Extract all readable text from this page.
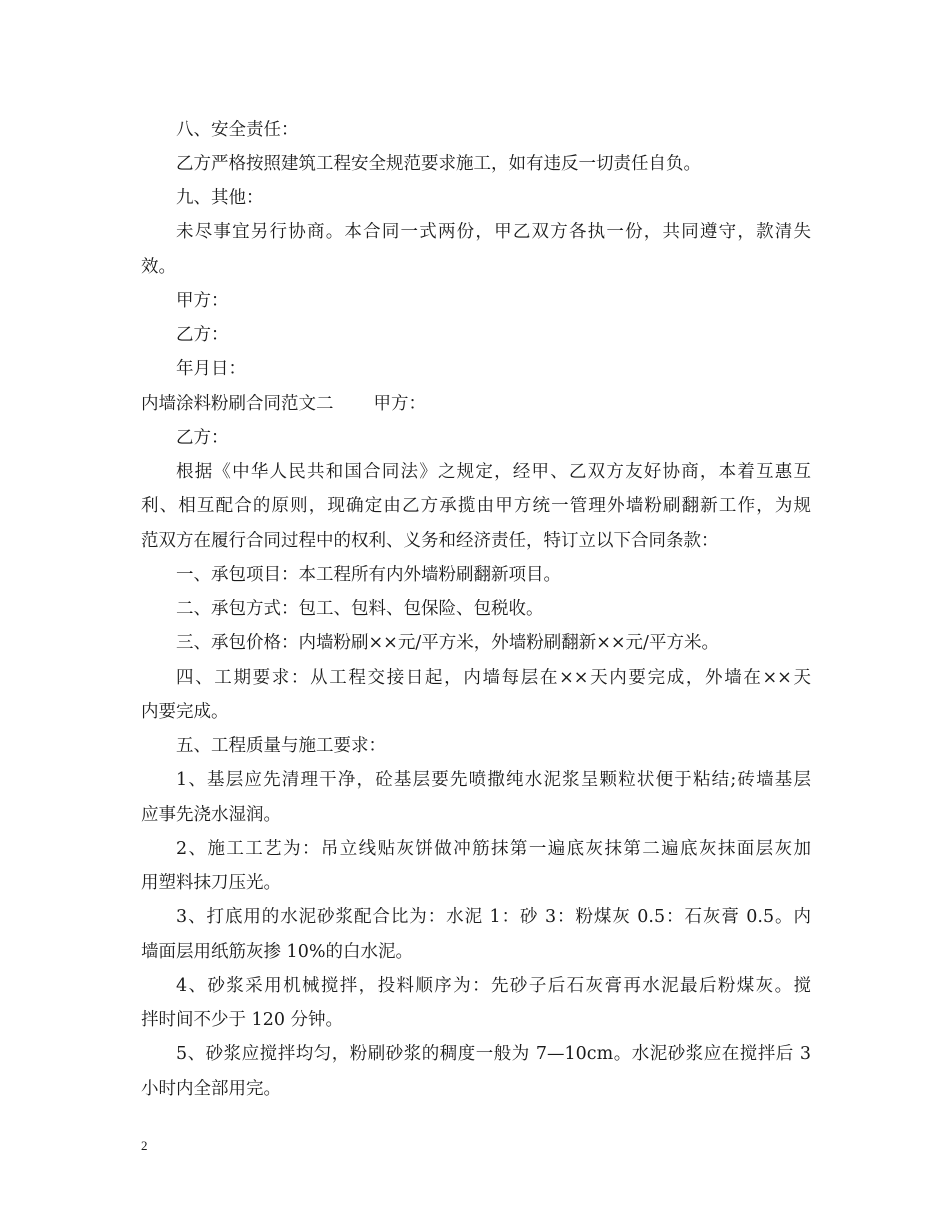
八、安全责任：

乙方严格按照建筑工程安全规范要求施工，如有违反一切责任自负。

九、其他：

未尽事宜另行协商。本合同一式两份，甲乙双方各执一份，共同遵守，款清失

效。

甲方：

乙方：

年月日：

内墙涂料粉刷合同范文二 甲方：

乙方：

根据《中华人民共和国合同法》之规定，经甲、乙双方友好协商，本着互惠互

利、相互配合的原则，现确定由乙方承揽由甲方统一管理外墙粉刷翻新工作，为规

范双方在履行合同过程中的权利、义务和经济责任，特订立以下合同条款：

一、承包项目：本工程所有内外墙粉刷翻新项目。

二、承包方式：包工、包料、包保险、包税收。

三、承包价格：内墙粉刷××元/平方米，外墙粉刷翻新××元/平方米。

四、工期要求：从工程交接日起，内墙每层在××天内要完成，外墙在××天

内要完成。

五、工程质量与施工要求：

1、基层应先清理干净，砼基层要先喷撒纯水泥浆呈颗粒状便于粘结;砖墙基层

应事先浇水湿润。

2、施工工艺为：吊立线贴灰饼做冲筋抹第一遍底灰抹第二遍底灰抹面层灰加

用塑料抹刀压光。

3、打底用的水泥砂浆配合比为：水泥 1：砂 3：粉煤灰 0.5：石灰膏 0.5。内

墙面层用纸筋灰掺 10%的白水泥。

4、砂浆采用机械搅拌，投料顺序为：先砂子后石灰膏再水泥最后粉煤灰。搅

拌时间不少于 120 分钟。

5、砂浆应搅拌均匀，粉刷砂浆的稠度一般为 7—10cm。水泥砂浆应在搅拌后 3

小时内全部用完。

2
